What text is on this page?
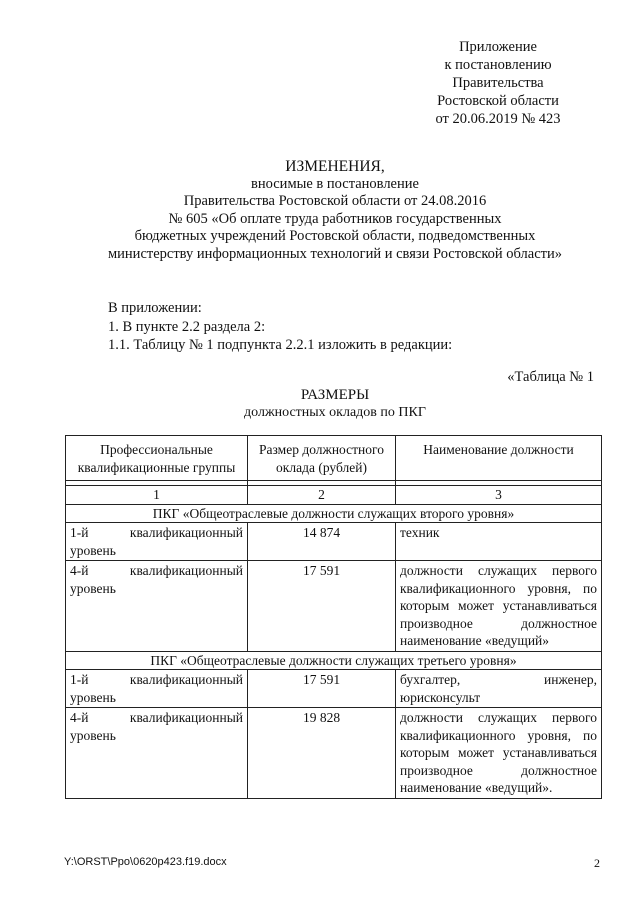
Приложение
к постановлению
Правительства
Ростовской области
от 20.06.2019 № 423
ИЗМЕНЕНИЯ,
вносимые в постановление
Правительства Ростовской области от 24.08.2016
№ 605 «Об оплате труда работников государственных
бюджетных учреждений Ростовской области, подведомственных
министерству информационных технологий и связи Ростовской области»
В приложении:
1. В пункте 2.2 раздела 2:
1.1. Таблицу № 1 подпункта 2.2.1 изложить в редакции:
«Таблица № 1
РАЗМЕРЫ
должностных окладов по ПКГ
Профессиональные квалификационные группы	Размер должностного оклада (рублей)	Наименование должности

1	2	3
ПКГ «Общеотраслевые должности служащих второго уровня»		
1-й квалификационный уровень	14 874	техник
4-й квалификационный уровень	17 591	должности служащих первого квалификационного уровня, по которым может устанавливаться производное должностное наименование «ведущий»
ПКГ «Общеотраслевые должности служащих третьего уровня»		
1-й квалификационный уровень	17 591	бухгалтер, инженер, юрисконсульт
4-й квалификационный уровень	19 828	должности служащих первого квалификационного уровня, по которым может устанавливаться производное должностное наименование «ведущий».
Y:\ORST\Ppo\0620p423.f19.docx	2
